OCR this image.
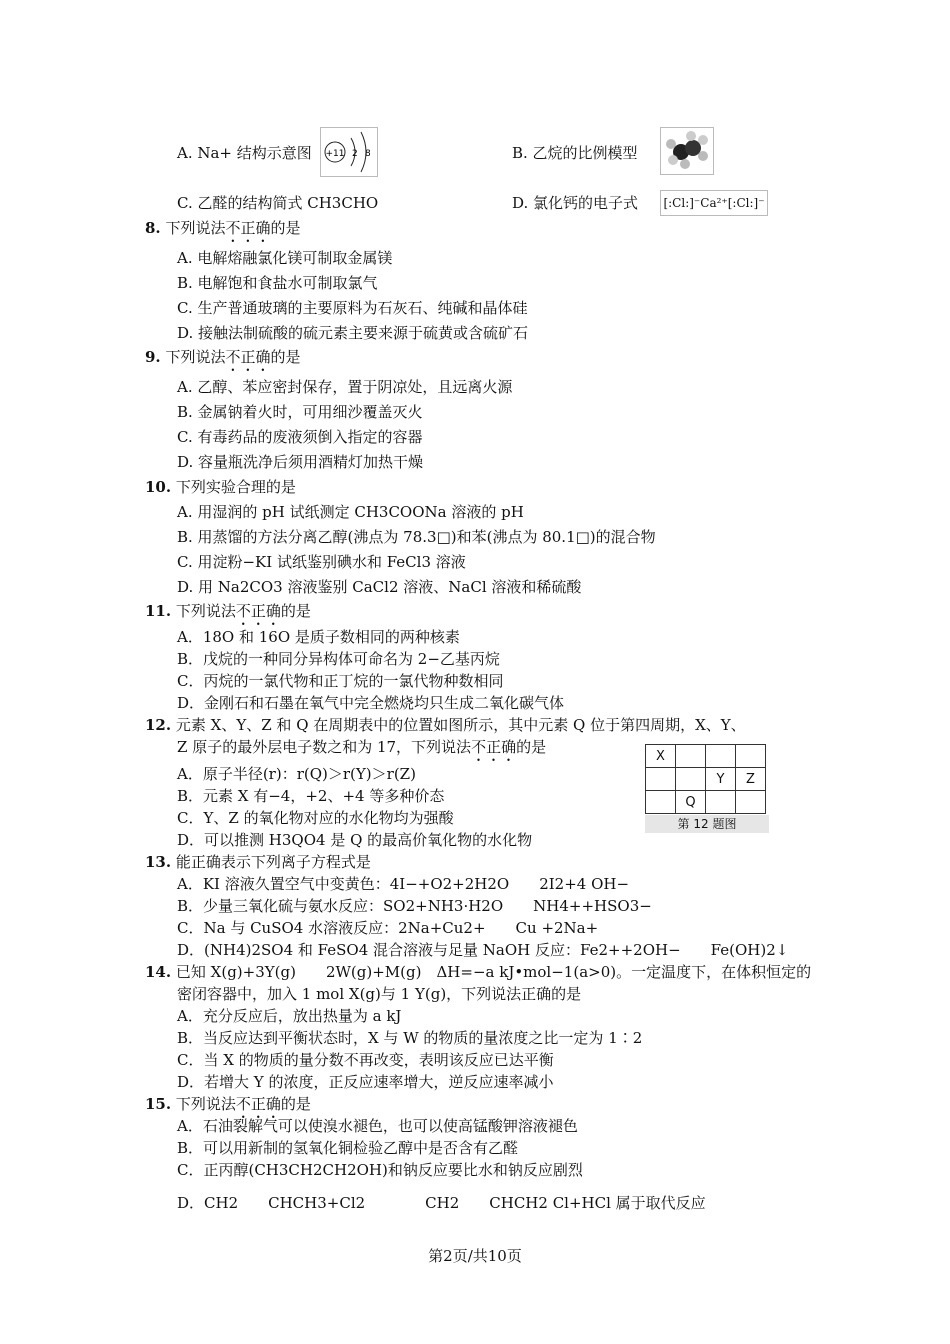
A. Na+ 结构示意图 +11 2 8	B. 乙烷的比例模型
C. 乙醛的结构简式 CH3CHO	D. 氯化钙的电子式 [:Cl:]⁻Ca²⁺[:Cl:]⁻
8. 下列说法不正确的是
A. 电解熔融氯化镁可制取金属镁
B. 电解饱和食盐水可制取氯气
C. 生产普通玻璃的主要原料为石灰石、纯碱和晶体硅
D. 接触法制硫酸的硫元素主要来源于硫黄或含硫矿石
9. 下列说法不正确的是
A. 乙醇、苯应密封保存，置于阴凉处，且远离火源
B. 金属钠着火时，可用细沙覆盖灭火
C. 有毒药品的废液须倒入指定的容器
D. 容量瓶洗净后须用酒精灯加热干燥
10. 下列实验合理的是
A. 用湿润的 pH 试纸测定 CH3COONa 溶液的 pH
B. 用蒸馏的方法分离乙醇(沸点为 78.3□)和苯(沸点为 80.1□)的混合物
C. 用淀粉−KI 试纸鉴别碘水和 FeCl3 溶液
D. 用 Na2CO3 溶液鉴别 CaCl2 溶液、NaCl 溶液和稀硫酸
11. 下列说法不正确的是
A．18O 和 16O 是质子数相同的两种核素
B．戊烷的一种同分异构体可命名为 2−乙基丙烷
C．丙烷的一氯代物和正丁烷的一氯代物种数相同
D．金刚石和石墨在氧气中完全燃烧均只生成二氧化碳气体
12. 元素 X、Y、Z 和 Q 在周期表中的位置如图所示，其中元素 Q 位于第四周期，X、Y、
Z 原子的最外层电子数之和为 17，下列说法不正确的是
A．原子半径(r)：r(Q)＞r(Y)＞r(Z)
B．元素 X 有−4，+2、+4 等多种价态
C．Y、Z 的氧化物对应的水化物均为强酸
D．可以推测 H3QO4 是 Q 的最高价氧化物的水化物
X			
		Y	Z
	Q		
第 12 题图
13. 能正确表示下列离子方程式是
A．KI 溶液久置空气中变黄色：4I−+O2+2H2O　　2I2+4 OH−
B．少量三氧化硫与氨水反应：SO2+NH3·H2O　　NH4++HSO3−
C．Na 与 CuSO4 水溶液反应：2Na+Cu2+　　Cu +2Na+
D．(NH4)2SO4 和 FeSO4 混合溶液与足量 NaOH 反应：Fe2++2OH−　　Fe(OH)2↓
14. 已知 X(g)+3Y(g)　　2W(g)+M(g)　ΔH=−a kJ•mol−1(a>0)。一定温度下，在体积恒定的
密闭容器中，加入 1 mol X(g)与 1 Y(g)，下列说法正确的是
A．充分反应后，放出热量为 a kJ
B．当反应达到平衡状态时，X 与 W 的物质的量浓度之比一定为 1∶2
C．当 X 的物质的量分数不再改变，表明该反应已达平衡
D．若增大 Y 的浓度，正反应速率增大，逆反应速率减小
15. 下列说法不正确的是
A．石油裂解气可以使溴水褪色，也可以使高锰酸钾溶液褪色
B．可以用新制的氢氧化铜检验乙醇中是否含有乙醛
C．正丙醇(CH3CH2CH2OH)和钠反应要比水和钠反应剧烈
D．CH2　　CHCH3+Cl2　　　　CH2　　CHCH2 Cl+HCl 属于取代反应
第2页/共10页
